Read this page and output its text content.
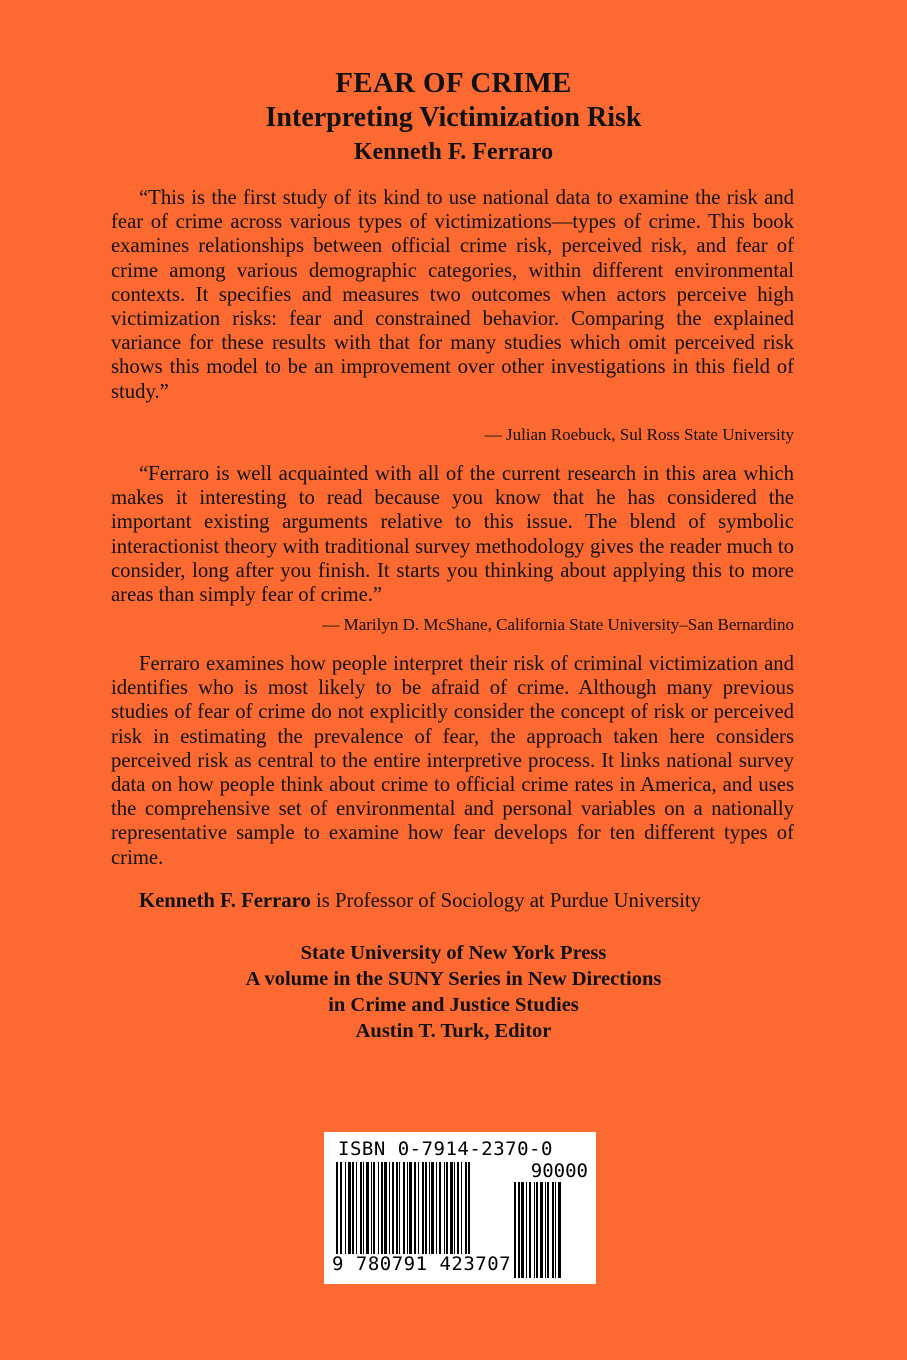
FEAR OF CRIME
Interpreting Victimization Risk
Kenneth F. Ferraro
“This is the first study of its kind to use national data to examine the risk and fear of crime across various types of victimizations—types of crime. This book examines relationships between official crime risk, perceived risk, and fear of crime among various demographic categories, within different environmental contexts. It specifies and measures two outcomes when actors perceive high victimization risks: fear and constrained behavior. Comparing the explained variance for these results with that for many studies which omit perceived risk shows this model to be an improvement over other investigations in this field of study.”
— Julian Roebuck, Sul Ross State University
“Ferraro is well acquainted with all of the current research in this area which makes it interesting to read because you know that he has considered the important existing arguments relative to this issue. The blend of symbolic interactionist theory with traditional survey methodology gives the reader much to consider, long after you finish. It starts you thinking about applying this to more areas than simply fear of crime.”
— Marilyn D. McShane, California State University–San Bernardino
Ferraro examines how people interpret their risk of criminal victimization and identifies who is most likely to be afraid of crime. Although many previous studies of fear of crime do not explicitly consider the concept of risk or perceived risk in estimating the prevalence of fear, the approach taken here considers perceived risk as central to the entire interpretive process. It links national survey data on how people think about crime to official crime rates in America, and uses the comprehensive set of environmental and personal variables on a nationally representative sample to examine how fear develops for ten different types of crime.
Kenneth F. Ferraro is Professor of Sociology at Purdue University
State University of New York Press
A volume in the SUNY Series in New Directions
in Crime and Justice Studies
Austin T. Turk, Editor
ISBN 0-7914-2370-0
90000
9 780791 423707
